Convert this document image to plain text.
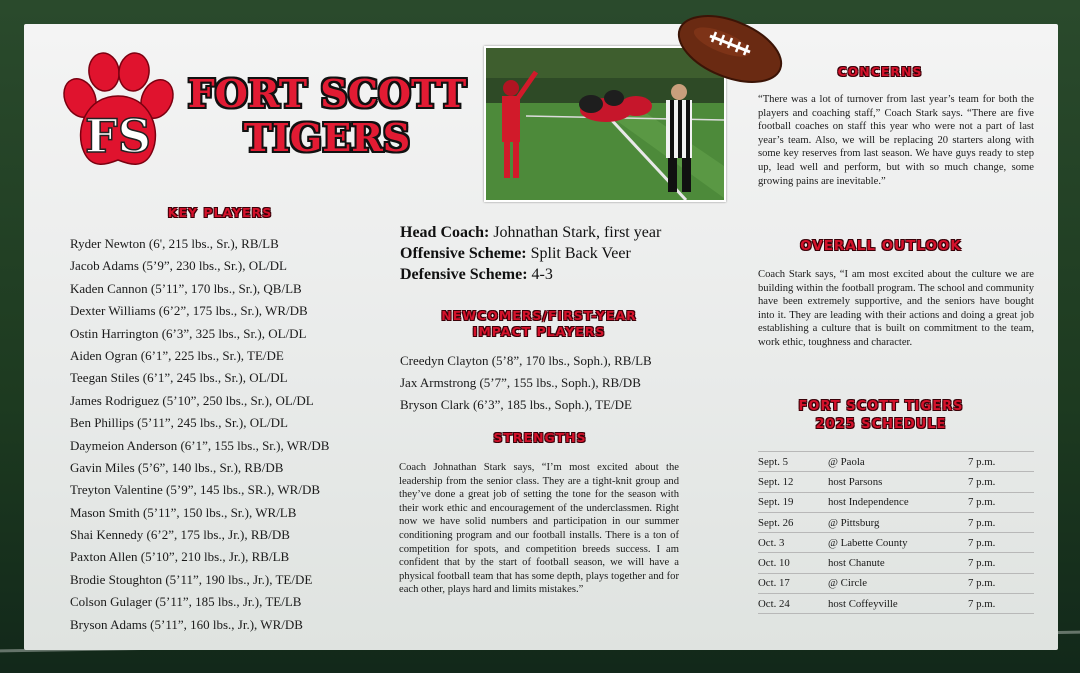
FS
FORT SCOTT
TIGERS
KEY PLAYERS
Ryder Newton (6', 215 lbs., Sr.), RB/LB
Jacob Adams (5’9”, 230 lbs., Sr.), OL/DL
Kaden Cannon (5’11”, 170 lbs., Sr.), QB/LB
Dexter Williams (6’2”, 175 lbs., Sr.), WR/DB
Ostin Harrington (6’3”, 325 lbs., Sr.), OL/DL
Aiden Ogran (6’1”, 225 lbs., Sr.), TE/DE
Teegan Stiles (6’1”, 245 lbs., Sr.), OL/DL
James Rodriguez (5’10”, 250 lbs., Sr.), OL/DL
Ben Phillips (5’11”, 245 lbs., Sr.), OL/DL
Daymeion Anderson (6’1”, 155 lbs., Sr.), WR/DB
Gavin Miles (5’6”, 140 lbs., Sr.), RB/DB
Treyton Valentine (5’9”, 145 lbs., SR.), WR/DB
Mason Smith (5’11”, 150 lbs., Sr.), WR/LB
Shai Kennedy (6’2”, 175 lbs., Jr.), RB/DB
Paxton Allen (5’10”, 210 lbs., Jr.), RB/LB
Brodie Stoughton (5’11”, 190 lbs., Jr.), TE/DE
Colson Gulager (5’11”, 185 lbs., Jr.), TE/LB
Bryson Adams (5’11”, 160 lbs., Jr.), WR/DB
Head Coach: Johnathan Stark, first year
Offensive Scheme: Split Back Veer
Defensive Scheme: 4-3
NEWCOMERS/FIRST-YEAR
IMPACT PLAYERS
Creedyn Clayton (5’8”, 170 lbs., Soph.), RB/LB
Jax Armstrong (5’7”, 155 lbs., Soph.), RB/DB
Bryson Clark (6’3”, 185 lbs., Soph.), TE/DE
STRENGTHS
Coach Johnathan Stark says, “I’m most excited about the leadership from the senior class. They are a tight-knit group and they’ve done a great job of setting the tone for the season with their work ethic and encouragement of the underclassmen. Right now we have solid numbers and participation in our summer conditioning program and our football installs. There is a ton of competition for spots, and competition breeds success. I am confident that by the start of football season, we will have a physical football team that has some depth, plays together and for each other, plays hard and limits mistakes.”
CONCERNS
“There was a lot of turnover from last year’s team for both the players and coaching staff,” Coach Stark says. “There are five football coaches on staff this year who were not a part of last year’s team. Also, we will be replacing 20 starters along with some key reserves from last season. We have guys ready to step up, lead well and perform, but with so much change, some growing pains are inevitable.”
OVERALL OUTLOOK
Coach Stark says, “I am most excited about the culture we are building within the football program. The school and community have been extremely supportive, and the seniors have bought into it. They are leading with their actions and doing a great job establishing a culture that is built on commitment to the team, work ethic, toughness and character.
FORT SCOTT TIGERS
2025 SCHEDULE
Sept. 5	@ Paola	7 p.m.
Sept. 12	host Parsons	7 p.m.
Sept. 19	host Independence	7 p.m.
Sept. 26	@ Pittsburg	7 p.m.
Oct. 3	@ Labette County	7 p.m.
Oct. 10	host Chanute	7 p.m.
Oct. 17	@ Circle	7 p.m.
Oct. 24	host Coffeyville	7 p.m.
